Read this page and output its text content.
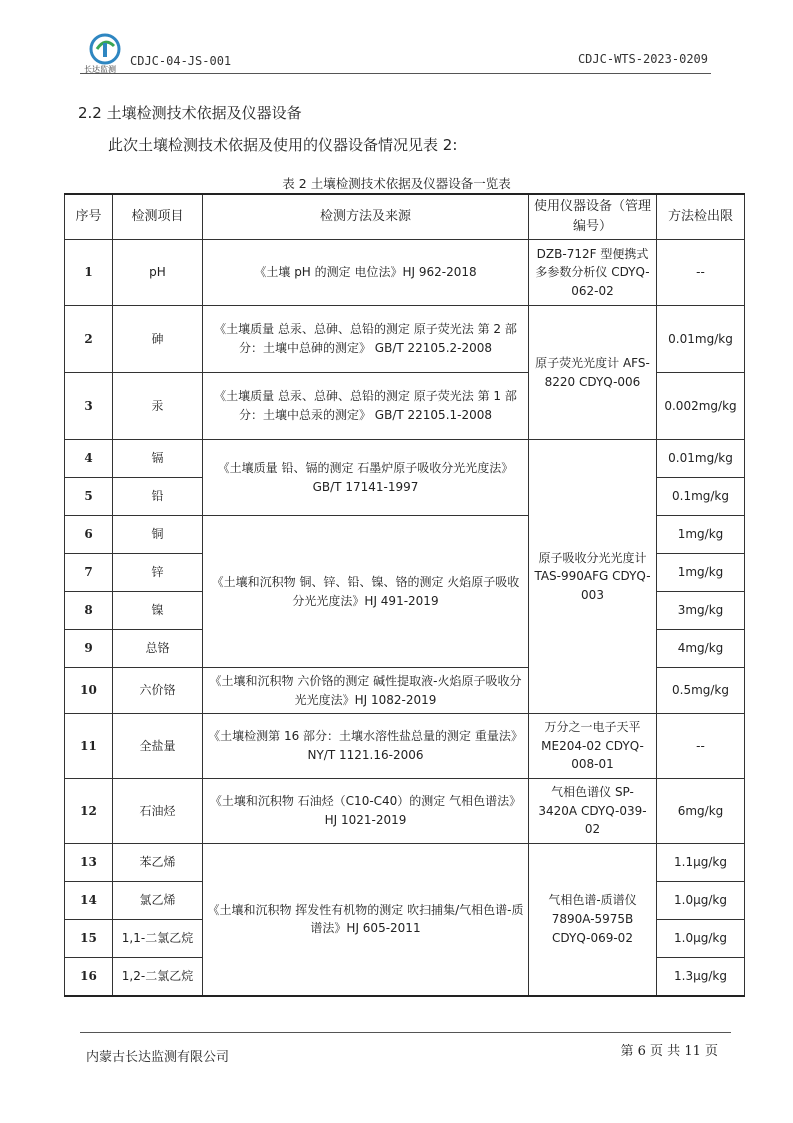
长达监测
CDJC-04-JS-001	CDJC-WTS-2023-0209
2.2 土壤检测技术依据及仪器设备
此次土壤检测技术依据及使用的仪器设备情况见表 2:
表 2 土壤检测技术依据及仪器设备一览表
序号	检测项目	检测方法及来源	使用仪器设备（管理编号）	方法检出限
1	pH	《土壤 pH 的测定 电位法》HJ 962-2018	DZB-712F 型便携式多参数分析仪 CDYQ-062-02	--
2	砷	《土壤质量 总汞、总砷、总铅的测定 原子荧光法 第 2 部分：土壤中总砷的测定》 GB/T 22105.2-2008	原子荧光光度计 AFS-8220 CDYQ-006	0.01mg/kg
3	汞	《土壤质量 总汞、总砷、总铅的测定 原子荧光法 第 1 部分：土壤中总汞的测定》 GB/T 22105.1-2008		0.002mg/kg
4	镉	《土壤质量 铅、镉的测定 石墨炉原子吸收分光光度法》GB/T 17141-1997	原子吸收分光光度计 TAS-990AFG CDYQ-003	0.01mg/kg
5	铅			0.1mg/kg
6	铜	《土壤和沉积物 铜、锌、铅、镍、铬的测定 火焰原子吸收分光光度法》HJ 491-2019		1mg/kg
7	锌			1mg/kg
8	镍			3mg/kg
9	总铬			4mg/kg
10	六价铬	《土壤和沉积物 六价铬的测定 碱性提取液-火焰原子吸收分光光度法》HJ 1082-2019		0.5mg/kg
11	全盐量	《土壤检测第 16 部分：土壤水溶性盐总量的测定 重量法》NY/T 1121.16-2006	万分之一电子天平 ME204-02 CDYQ-008-01	--
12	石油烃	《土壤和沉积物 石油烃（C10-C40）的测定 气相色谱法》 HJ 1021-2019	气相色谱仪 SP-3420A CDYQ-039-02	6mg/kg
13	苯乙烯	《土壤和沉积物 挥发性有机物的测定 吹扫捕集/气相色谱-质谱法》HJ 605-2011	气相色谱-质谱仪 7890A-5975B CDYQ-069-02	1.1μg/kg
14	氯乙烯			1.0μg/kg
15	1,1-二氯乙烷			1.0μg/kg
16	1,2-二氯乙烷			1.3μg/kg
内蒙古长达监测有限公司	第 6 页 共 11 页
